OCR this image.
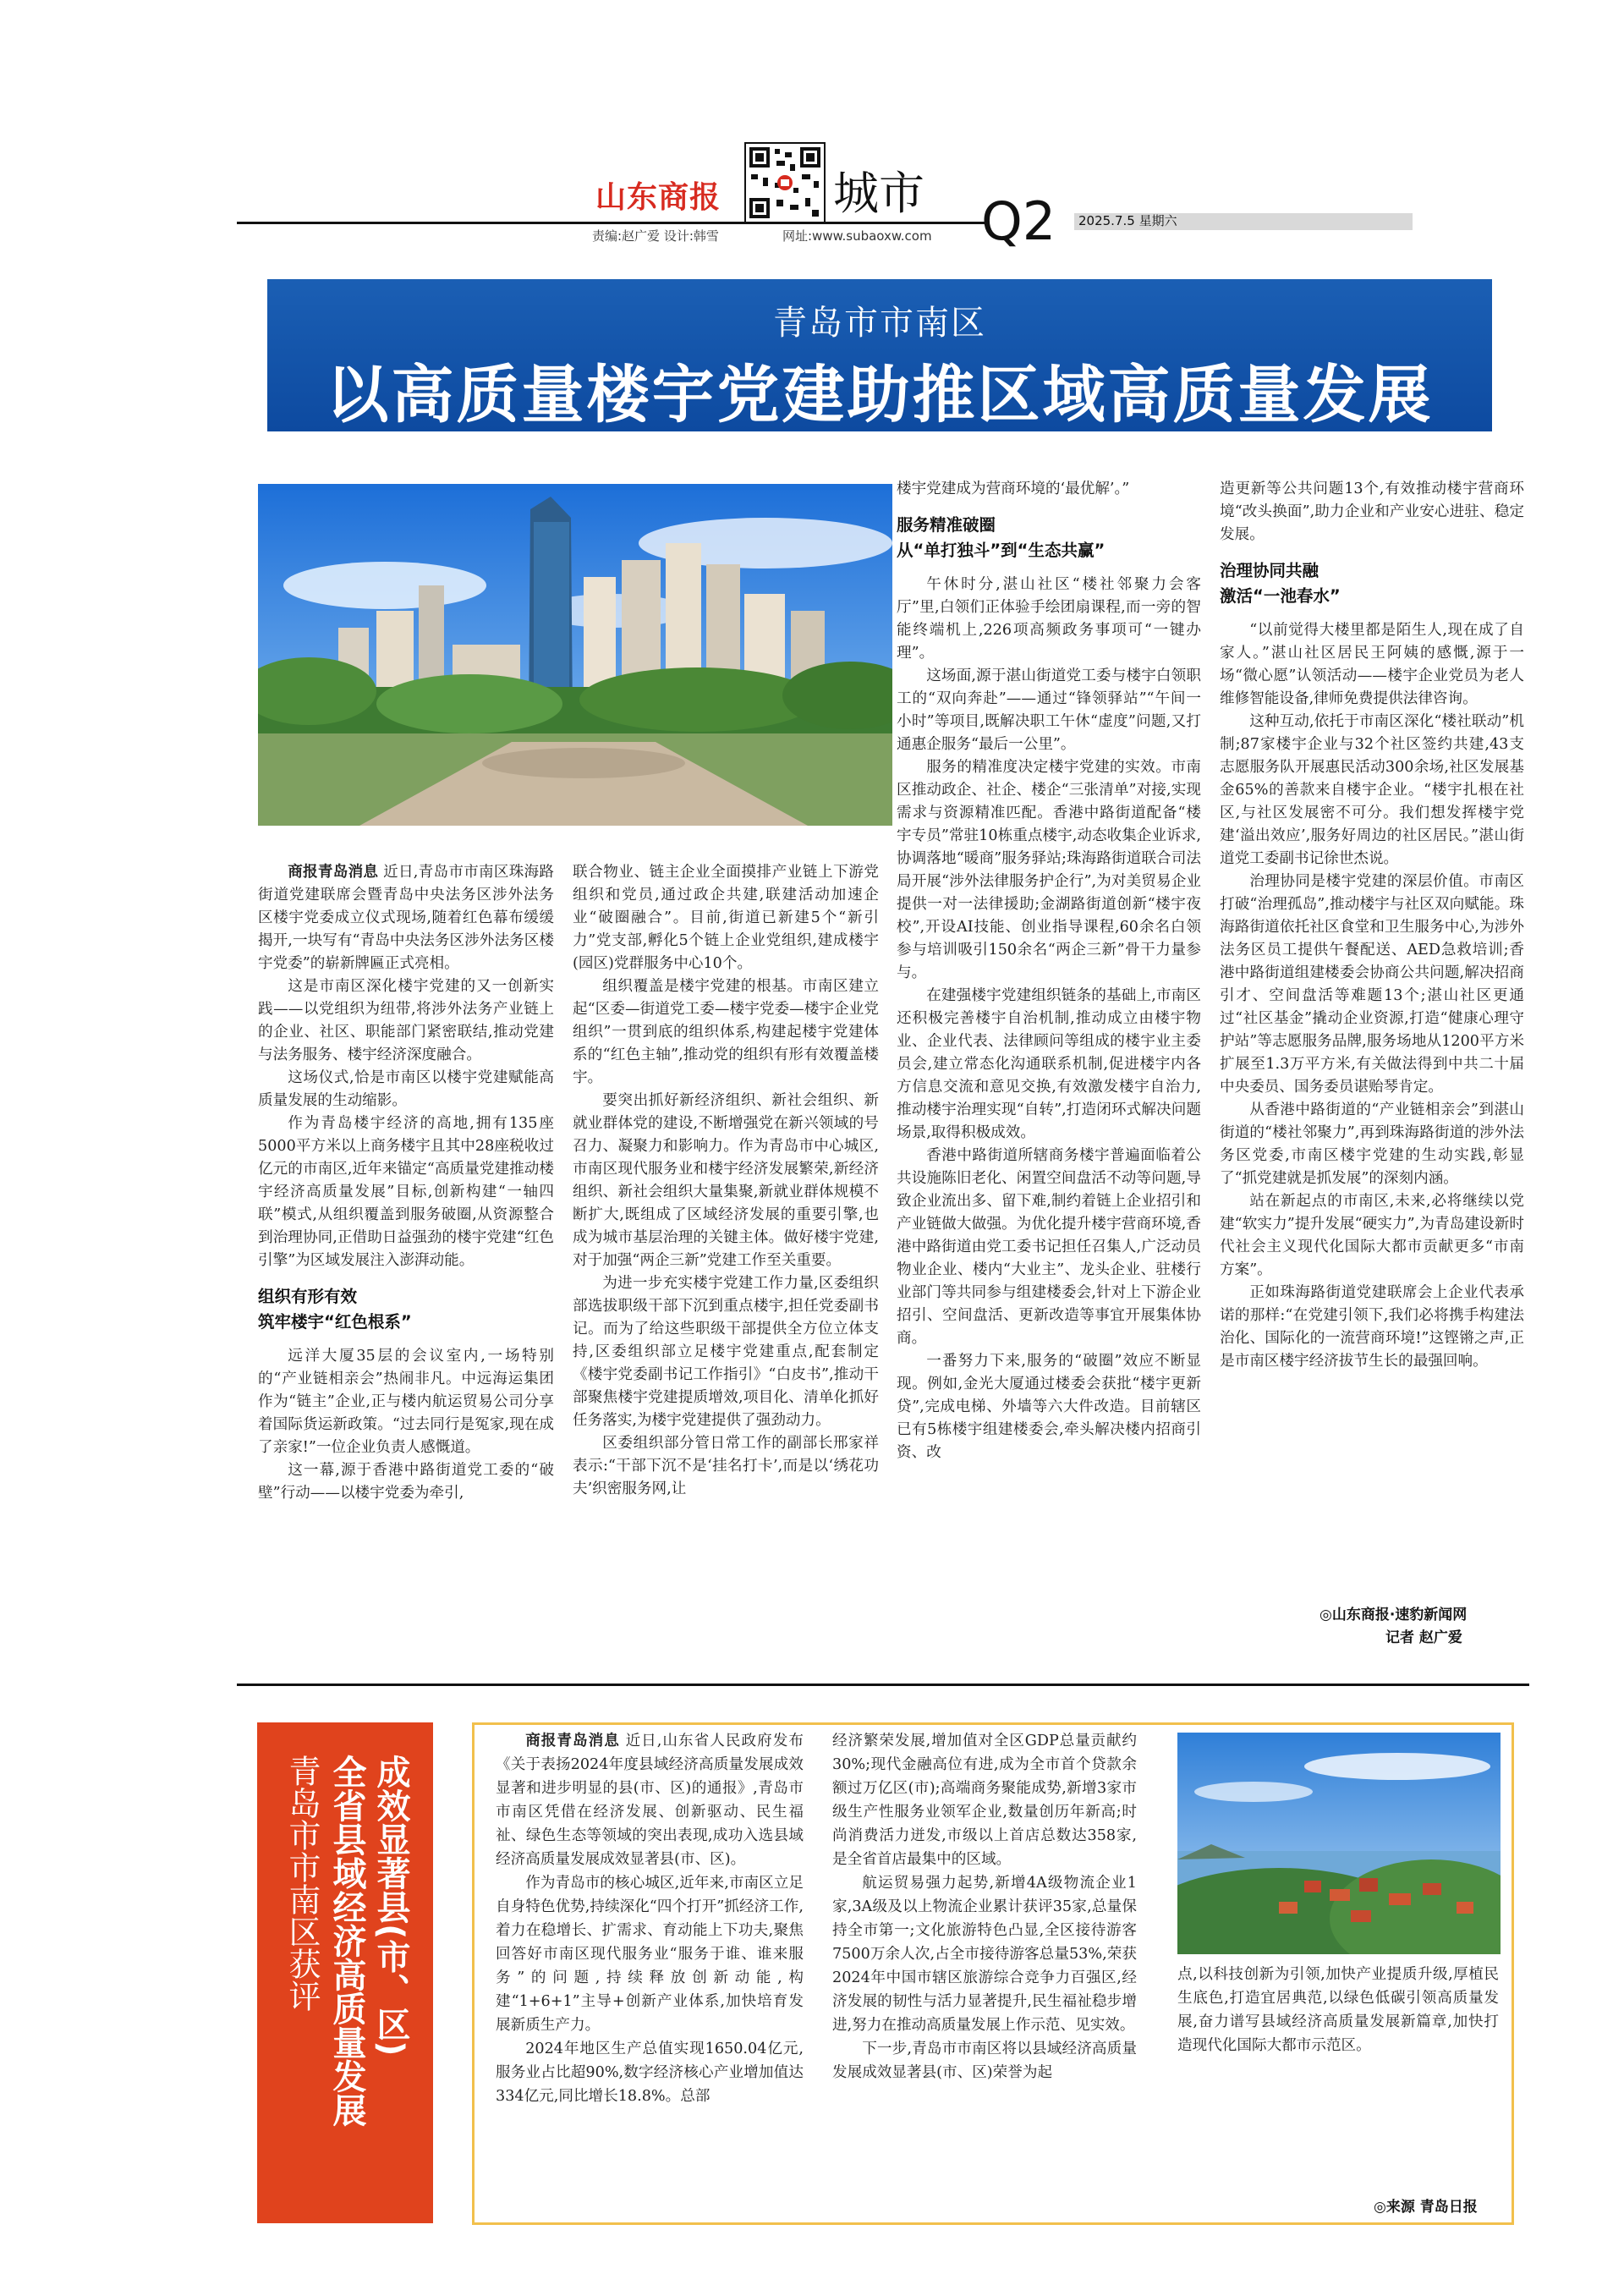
山东商报 城市
责编:赵广爱 设计:韩雪	网址:www.subaoxw.com Q2 2025.7.5 星期六
青岛市市南区
以高质量楼宇党建助推区域高质量发展

商报青岛消息 近日,青岛市市南区珠海路街道党建联席会暨青岛中央法务区涉外法务区楼宇党委成立仪式现场,随着红色幕布缓缓揭开,一块写有“青岛中央法务区涉外法务区楼宇党委”的崭新牌匾正式亮相。

这是市南区深化楼宇党建的又一创新实践——以党组织为纽带,将涉外法务产业链上的企业、社区、职能部门紧密联结,推动党建与法务服务、楼宇经济深度融合。

这场仪式,恰是市南区以楼宇党建赋能高质量发展的生动缩影。

作为青岛楼宇经济的高地,拥有135座5000平方米以上商务楼宇且其中28座税收过亿元的市南区,近年来锚定“高质量党建推动楼宇经济高质量发展”目标,创新构建“一轴四联”模式,从组织覆盖到服务破圈,从资源整合到治理协同,正借助日益强劲的楼宇党建“红色引擎”为区域发展注入澎湃动能。

组织有形有效
筑牢楼宇“红色根系”

远洋大厦35层的会议室内,一场特别的“产业链相亲会”热闹非凡。中远海运集团作为“链主”企业,正与楼内航运贸易公司分享着国际货运新政策。“过去同行是冤家,现在成了亲家!”一位企业负责人感慨道。

这一幕,源于香港中路街道党工委的“破壁”行动——以楼宇党委为牵引,

联合物业、链主企业全面摸排产业链上下游党组织和党员,通过政企共建,联建活动加速企业“破圈融合”。目前,街道已新建5个“新引力”党支部,孵化5个链上企业党组织,建成楼宇(园区)党群服务中心10个。

组织覆盖是楼宇党建的根基。市南区建立起“区委—街道党工委—楼宇党委—楼宇企业党组织”一贯到底的组织体系,构建起楼宇党建体系的“红色主轴”,推动党的组织有形有效覆盖楼宇。

要突出抓好新经济组织、新社会组织、新就业群体党的建设,不断增强党在新兴领域的号召力、凝聚力和影响力。作为青岛市中心城区,市南区现代服务业和楼宇经济发展繁荣,新经济组织、新社会组织大量集聚,新就业群体规模不断扩大,既组成了区域经济发展的重要引擎,也成为城市基层治理的关键主体。做好楼宇党建,对于加强“两企三新”党建工作至关重要。

为进一步充实楼宇党建工作力量,区委组织部选拔职级干部下沉到重点楼宇,担任党委副书记。而为了给这些职级干部提供全方位立体支持,区委组织部立足楼宇党建重点,配套制定《楼宇党委副书记工作指引》“白皮书”,推动干部聚焦楼宇党建提质增效,项目化、清单化抓好任务落实,为楼宇党建提供了强劲动力。

区委组织部分管日常工作的副部长邢家祥表示:“干部下沉不是‘挂名打卡’,而是以‘绣花功夫’织密服务网,让

楼宇党建成为营商环境的‘最优解’。”

服务精准破圈
从“单打独斗”到“生态共赢”

午休时分,湛山社区“楼社邻聚力会客厅”里,白领们正体验手绘团扇课程,而一旁的智能终端机上,226项高频政务事项可“一键办理”。

这场面,源于湛山街道党工委与楼宇白领职工的“双向奔赴”——通过“锋领驿站”“午间一小时”等项目,既解决职工午休“虚度”问题,又打通惠企服务“最后一公里”。

服务的精准度决定楼宇党建的实效。市南区推动政企、社企、楼企“三张清单”对接,实现需求与资源精准匹配。香港中路街道配备“楼宇专员”常驻10栋重点楼宇,动态收集企业诉求,协调落地“暖商”服务驿站;珠海路街道联合司法局开展“涉外法律服务护企行”,为对美贸易企业提供一对一法律援助;金湖路街道创新“楼宇夜校”,开设AI技能、创业指导课程,60余名白领参与培训吸引150余名“两企三新”骨干力量参与。

在建强楼宇党建组织链条的基础上,市南区还积极完善楼宇自治机制,推动成立由楼宇物业、企业代表、法律顾问等组成的楼宇业主委员会,建立常态化沟通联系机制,促进楼宇内各方信息交流和意见交换,有效激发楼宇自治力,推动楼宇治理实现“自转”,打造闭环式解决问题场景,取得积极成效。

香港中路街道所辖商务楼宇普遍面临着公共设施陈旧老化、闲置空间盘活不动等问题,导致企业流出多、留下难,制约着链上企业招引和产业链做大做强。为优化提升楼宇营商环境,香港中路街道由党工委书记担任召集人,广泛动员物业企业、楼内“大业主”、龙头企业、驻楼行业部门等共同参与组建楼委会,针对上下游企业招引、空间盘活、更新改造等事宜开展集体协商。

一番努力下来,服务的“破圈”效应不断显现。例如,金光大厦通过楼委会获批“楼宇更新贷”,完成电梯、外墙等六大件改造。目前辖区已有5栋楼宇组建楼委会,牵头解决楼内招商引资、改

造更新等公共问题13个,有效推动楼宇营商环境“改头换面”,助力企业和产业安心进驻、稳定发展。

治理协同共融
激活“一池春水”

“以前觉得大楼里都是陌生人,现在成了自家人。”湛山社区居民王阿姨的感慨,源于一场“微心愿”认领活动——楼宇企业党员为老人维修智能设备,律师免费提供法律咨询。

这种互动,依托于市南区深化“楼社联动”机制;87家楼宇企业与32个社区签约共建,43支志愿服务队开展惠民活动300余场,社区发展基金65%的善款来自楼宇企业。“楼宇扎根在社区,与社区发展密不可分。我们想发挥楼宇党建‘溢出效应’,服务好周边的社区居民。”湛山街道党工委副书记徐世杰说。

治理协同是楼宇党建的深层价值。市南区打破“治理孤岛”,推动楼宇与社区双向赋能。珠海路街道依托社区食堂和卫生服务中心,为涉外法务区员工提供午餐配送、AED急救培训;香港中路街道组建楼委会协商公共问题,解决招商引才、空间盘活等难题13个;湛山社区更通过“社区基金”撬动企业资源,打造“健康心理守护站”等志愿服务品牌,服务场地从1200平方米扩展至1.3万平方米,有关做法得到中共二十届中央委员、国务委员谌贻琴肯定。

从香港中路街道的“产业链相亲会”到湛山街道的“楼社邻聚力”,再到珠海路街道的涉外法务区党委,市南区楼宇党建的生动实践,彰显了“抓党建就是抓发展”的深刻内涵。

站在新起点的市南区,未来,必将继续以党建“软实力”提升发展“硬实力”,为青岛建设新时代社会主义现代化国际大都市贡献更多“市南方案”。

正如珠海路街道党建联席会上企业代表承诺的那样:“在党建引领下,我们必将携手构建法治化、国际化的一流营商环境!”这铿锵之声,正是市南区楼宇经济拔节生长的最强回响。

◎山东商报·速豹新闻网
记者 赵广爱
成效显著县(市、区)
全省县域经济高质量发展
青岛市市南区获评

商报青岛消息 近日,山东省人民政府发布《关于表扬2024年度县域经济高质量发展成效显著和进步明显的县(市、区)的通报》,青岛市市南区凭借在经济发展、创新驱动、民生福祉、绿色生态等领域的突出表现,成功入选县域经济高质量发展成效显著县(市、区)。

作为青岛市的核心城区,近年来,市南区立足自身特色优势,持续深化“四个打开”抓经济工作,着力在稳增长、扩需求、育动能上下功夫,聚焦回答好市南区现代服务业“服务于谁、谁来服务”的问题,持续释放创新动能,构建“1+6+1”主导+创新产业体系,加快培育发展新质生产力。

2024年地区生产总值实现1650.04亿元,服务业占比超90%,数字经济核心产业增加值达334亿元,同比增长18.8%。总部

经济繁荣发展,增加值对全区GDP总量贡献约30%;现代金融高位有进,成为全市首个贷款余额过万亿区(市);高端商务聚能成势,新增3家市级生产性服务业领军企业,数量创历年新高;时尚消费活力迸发,市级以上首店总数达358家,是全省首店最集中的区域。

航运贸易强力起势,新增4A级物流企业1家,3A级及以上物流企业累计获评35家,总量保持全市第一;文化旅游特色凸显,全区接待游客7500万余人次,占全市接待游客总量53%,荣获2024年中国市辖区旅游综合竞争力百强区,经济发展的韧性与活力显著提升,民生福祉稳步增进,努力在推动高质量发展上作示范、见实效。

下一步,青岛市市南区将以县域经济高质量发展成效显著县(市、区)荣誉为起

点,以科技创新为引领,加快产业提质升级,厚植民生底色,打造宜居典范,以绿色低碳引领高质量发展,奋力谱写县域经济高质量发展新篇章,加快打造现代化国际大都市示范区。

◎来源 青岛日报
